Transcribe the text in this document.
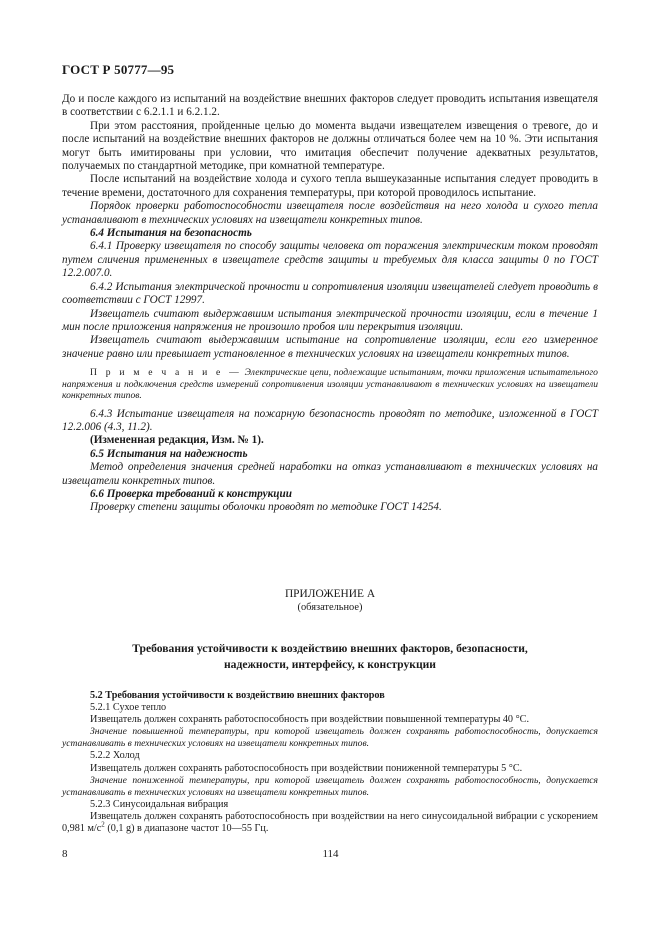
ГОСТ Р 50777—95

До и после каждого из испытаний на воздействие внешних факторов следует проводить испытания извещателя в соответствии с 6.2.1.1 и 6.2.1.2.

При этом расстояния, пройденные целью до момента выдачи извещателем извещения о тревоге, до и после испытаний на воздействие внешних факторов не должны отличаться более чем на 10 %. Эти испытания могут быть имитированы при условии, что имитация обеспечит получение адекватных результатов, получаемых по стандартной методике, при комнатной температуре.

После испытаний на воздействие холода и сухого тепла вышеуказанные испытания следует проводить в течение времени, достаточного для сохранения температуры, при которой проводилось испытание.

Порядок проверки работоспособности извещателя после воздействия на него холода и сухого тепла устанавливают в технических условиях на извещатели конкретных типов.

6.4 Испытания на безопасность

6.4.1 Проверку извещателя по способу защиты человека от поражения электрическим током проводят путем сличения примененных в извещателе средств защиты и требуемых для класса защиты 0 по ГОСТ 12.2.007.0.

6.4.2 Испытания электрической прочности и сопротивления изоляции извещателей следует проводить в соответствии с ГОСТ 12997.

Извещатель считают выдержавшим испытания электрической прочности изоляции, если в течение 1 мин после приложения напряжения не произошло пробоя или перекрытия изоляции.

Извещатель считают выдержавшим испытание на сопротивление изоляции, если его измеренное значение равно или превышает установленное в технических условиях на извещатели конкретных типов.

П р и м е ч а н и е — Электрические цепи, подлежащие испытаниям, точки приложения испытательного напряжения и подключения средств измерений сопротивления изоляции устанавливают в технических условиях на извещатели конкретных типов.

6.4.3 Испытание извещателя на пожарную безопасность проводят по методике, изложенной в ГОСТ 12.2.006 (4.3, 11.2).

(Измененная редакция, Изм. № 1).

6.5 Испытания на надежность

Метод определения значения средней наработки на отказ устанавливают в технических условиях на извещатели конкретных типов.

6.6 Проверка требований к конструкции

Проверку степени защиты оболочки проводят по методике ГОСТ 14254.

ПРИЛОЖЕНИЕ А
(обязательное)
Требования устойчивости к воздействию внешних факторов, безопасности,
надежности, интерфейсу, к конструкции

5.2 Требования устойчивости к воздействию внешних факторов

5.2.1 Сухое тепло

Извещатель должен сохранять работоспособность при воздействии повышенной температуры 40 °С.

Значение повышенной температуры, при которой извещатель должен сохранять работоспособность, допускается устанавливать в технических условиях на извещатели конкретных типов.

5.2.2 Холод

Извещатель должен сохранять работоспособность при воздействии пониженной температуры 5 °С.

Значение пониженной температуры, при которой извещатель должен сохранять работоспособность, допускается устанавливать в технических условиях на извещатели конкретных типов.

5.2.3 Синусоидальная вибрация

Извещатель должен сохранять работоспособность при воздействии на него синусоидальной вибрации с ускорением 0,981 $м/с^2$ (0,1 g) в диапазоне частот 10—55 Гц.

8	114
